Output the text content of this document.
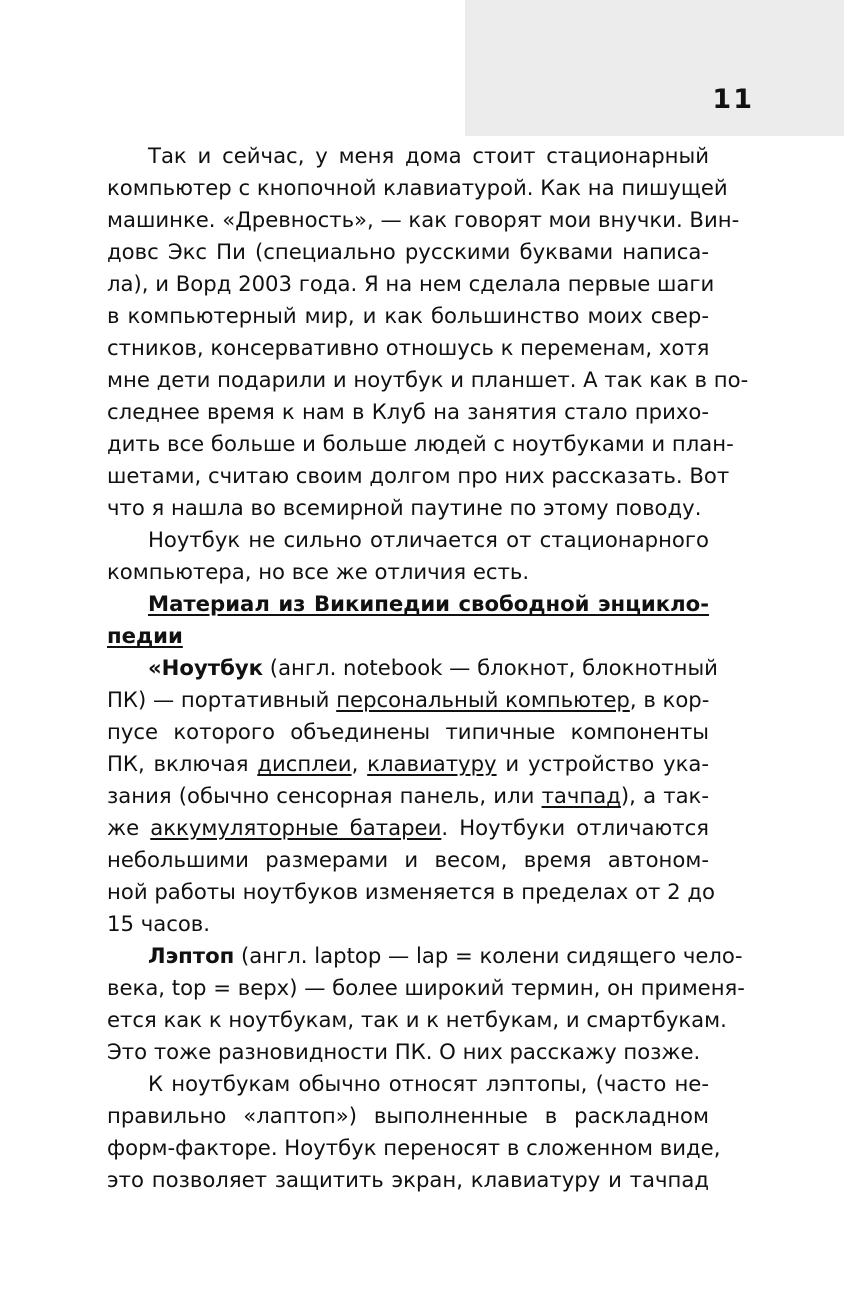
11
Так и сейчас, у меня дома стоит стационарный
компьютер с кнопочной клавиатурой. Как на пишущей
машинке. «Древность», — как говорят мои внучки. Вин-
довс Экс Пи (специально русскими буквами написа-
ла), и Ворд 2003 года. Я на нем сделала первые шаги
в компьютерный мир, и как большинство моих свер-
стников, консервативно отношусь к переменам, хотя
мне дети подарили и ноутбук и планшет. А так как в по-
следнее время к нам в Клуб на занятия стало прихо-
дить все больше и больше людей с ноутбуками и план-
шетами, считаю своим долгом про них рассказать. Вот
что я нашла во всемирной паутине по этому поводу.
Ноутбук не сильно отличается от стационарного
компьютера, но все же отличия есть.
Материал из Википедии свободной энцикло-
педии
«Ноутбук (англ. notebook — блокнот, блокнотный
ПК) — портативный персональный компьютер, в кор-
пусе которого объединены типичные компоненты
ПК, включая дисплеи, клавиатуру и устройство ука-
зания (обычно сенсорная панель, или тачпад), а так-
же аккумуляторные батареи. Ноутбуки отличаются
небольшими размерами и весом, время автоном-
ной работы ноутбуков изменяется в пределах от 2 до
15 часов.
Лэптоп (англ. laptop — lap = колени сидящего чело-
века, top = верх) — более широкий термин, он применя-
ется как к ноутбукам, так и к нетбукам, и смартбукам.
Это тоже разновидности ПК. О них расскажу позже.
К ноутбукам обычно относят лэптопы, (часто не-
правильно «лаптоп») выполненные в раскладном
форм-факторе. Ноутбук переносят в сложенном виде,
это позволяет защитить экран, клавиатуру и тачпад
